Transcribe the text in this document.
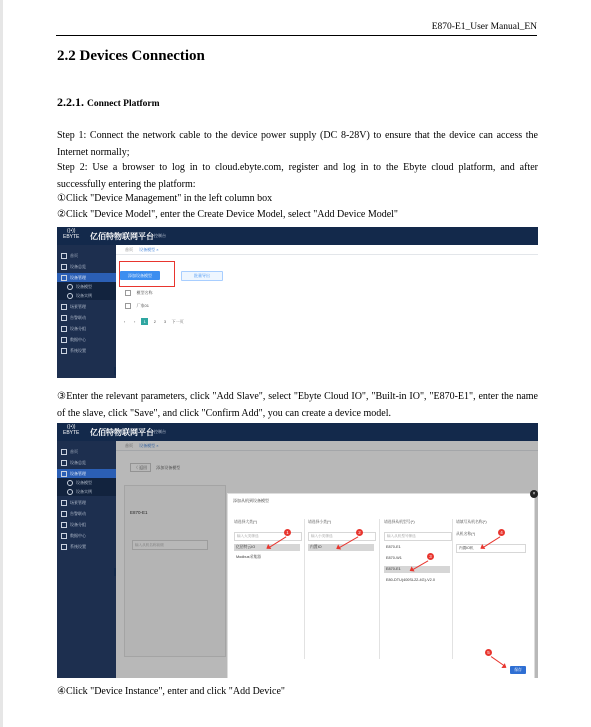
E870-E1_User Manual_EN
2.2 Devices Connection
2.2.1. Connect Platform
Step 1: Connect the network cable to the device power supply (DC 8-28V) to ensure that the device can access the Internet normally;
Step 2: Use a browser to log in to cloud.ebyte.com, register and log in to the Ebyte cloud platform, and after successfully entering the platform:
①Click "Device Management" in the left column box
②Click "Device Model", enter the Create Device Model, select "Add Device Model"
((•))
EBYTE 亿佰特物联网平台 控制台
首页
设备总览
设备管理
设备模型
设备实例
场景管理
告警联动
设备分组
数据中心
系统设置
首页 设备模型 ×
添加设备模型	批量导出
模型名称
厂家01
‹ ‹ 1 2 3 下一页
③Enter the relevant parameters, click "Add Slave", select "Ebyte Cloud IO", "Built-in IO", "E870-E1", enter the name of the slave, click "Save", and click "Confirm Add", you can create a device model.
((•))
EBYTE 亿佰特物联网平台 控制台
首页
设备总览
设备管理
设备模型
设备实例
场景管理
告警联动
设备分组
数据中心
系统设置
首页 设备模型 ×
〈 返回 添加设备模型
E870-E1
输入从机名称前缀
添加从机到设备模型
×
请选择大类(*)	请选择小类(*)	请选择从机型号(*)	请填写从机名称(*)
输入大类筛选	输入小类筛选	输入从机型号筛选	从机名称(*)
亿佰特云IO
Modbus采集器
内置IO	E870-E1
E870-W1
E870-E1
E80-DTU(400SL22-4G)-V2.0
内置IO机
保存
1	2
3
4
5
④Click "Device Instance", enter and click "Add Device"
